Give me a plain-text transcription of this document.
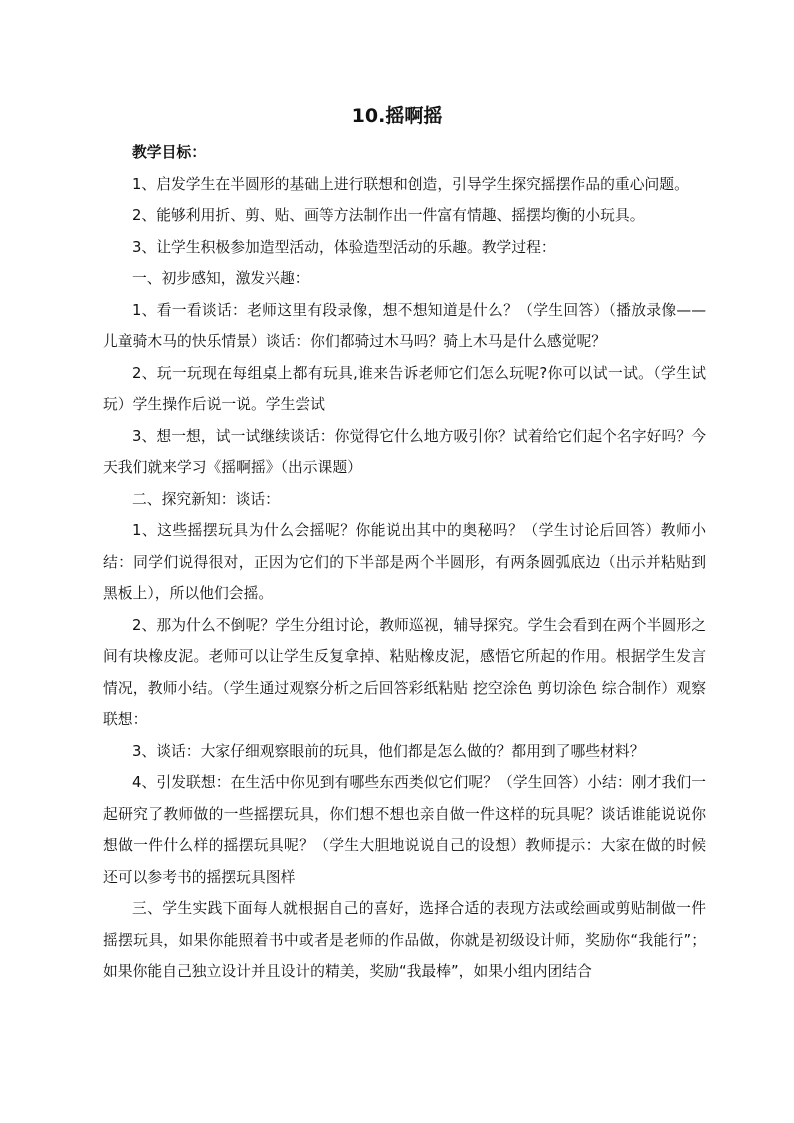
10.摇啊摇

教学目标：

1、启发学生在半圆形的基础上进行联想和创造，引导学生探究摇摆作品的重心问题。

2、能够利用折、剪、贴、画等方法制作出一件富有情趣、摇摆均衡的小玩具。

3、让学生积极参加造型活动，体验造型活动的乐趣。教学过程：

一、初步感知，激发兴趣：

1、看一看谈话：老师这里有段录像，想不想知道是什么？（学生回答）（播放录像——儿童骑木马的快乐情景）谈话：你们都骑过木马吗？骑上木马是什么感觉呢？

2、玩一玩现在每组桌上都有玩具,谁来告诉老师它们怎么玩呢?你可以试一试。（学生试玩）学生操作后说一说。学生尝试

3、想一想，试一试继续谈话：你觉得它什么地方吸引你？试着给它们起个名字好吗？今天我们就来学习《摇啊摇》（出示课题）

二、探究新知：谈话：

1、这些摇摆玩具为什么会摇呢？你能说出其中的奥秘吗？（学生讨论后回答）教师小结：同学们说得很对，正因为它们的下半部是两个半圆形，有两条圆弧底边（出示并粘贴到黑板上），所以他们会摇。

2、那为什么不倒呢？学生分组讨论，教师巡视，辅导探究。学生会看到在两个半圆形之间有块橡皮泥。老师可以让学生反复拿掉、粘贴橡皮泥，感悟它所起的作用。根据学生发言情况，教师小结。（学生通过观察分析之后回答彩纸粘贴 挖空涂色 剪切涂色 综合制作）观察联想：

3、谈话：大家仔细观察眼前的玩具，他们都是怎么做的？都用到了哪些材料？

4、引发联想：在生活中你见到有哪些东西类似它们呢？（学生回答）小结：刚才我们一起研究了教师做的一些摇摆玩具，你们想不想也亲自做一件这样的玩具呢？谈话谁能说说你想做一件什么样的摇摆玩具呢？（学生大胆地说说自己的设想）教师提示：大家在做的时候还可以参考书的摇摆玩具图样

三、学生实践下面每人就根据自己的喜好，选择合适的表现方法或绘画或剪贴制做一件摇摆玩具，如果你能照着书中或者是老师的作品做，你就是初级设计师，奖励你“我能行”；如果你能自己独立设计并且设计的精美，奖励“我最棒”，如果小组内团结合
